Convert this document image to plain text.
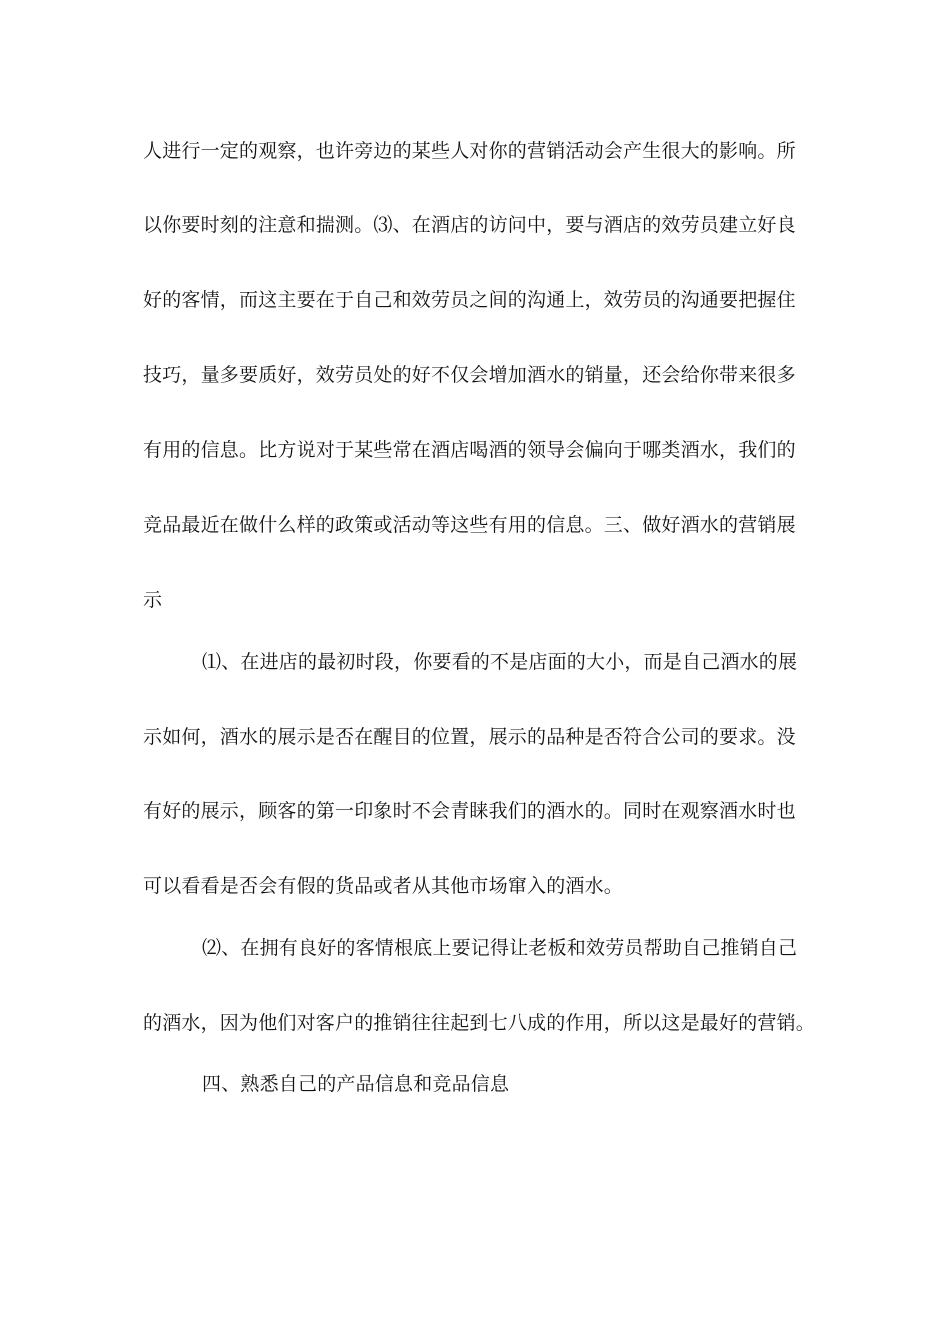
人进行一定的观察，也许旁边的某些人对你的营销活动会产生很大的影响。所
以你要时刻的注意和揣测。⑶、在酒店的访问中，要与酒店的效劳员建立好良
好的客情，而这主要在于自己和效劳员之间的沟通上，效劳员的沟通要把握住
技巧，量多要质好，效劳员处的好不仅会增加酒水的销量，还会给你带来很多
有用的信息。比方说对于某些常在酒店喝酒的领导会偏向于哪类酒水，我们的
竞品最近在做什么样的政策或活动等这些有用的信息。三、做好酒水的营销展
示
⑴、在进店的最初时段，你要看的不是店面的大小，而是自己酒水的展
示如何，酒水的展示是否在醒目的位置，展示的品种是否符合公司的要求。没
有好的展示，顾客的第一印象时不会青睐我们的酒水的。同时在观察酒水时也
可以看看是否会有假的货品或者从其他市场窜入的酒水。
⑵、在拥有良好的客情根底上要记得让老板和效劳员帮助自己推销自己
的酒水，因为他们对客户的推销往往起到七八成的作用，所以这是最好的营销。
四、熟悉自己的产品信息和竞品信息
